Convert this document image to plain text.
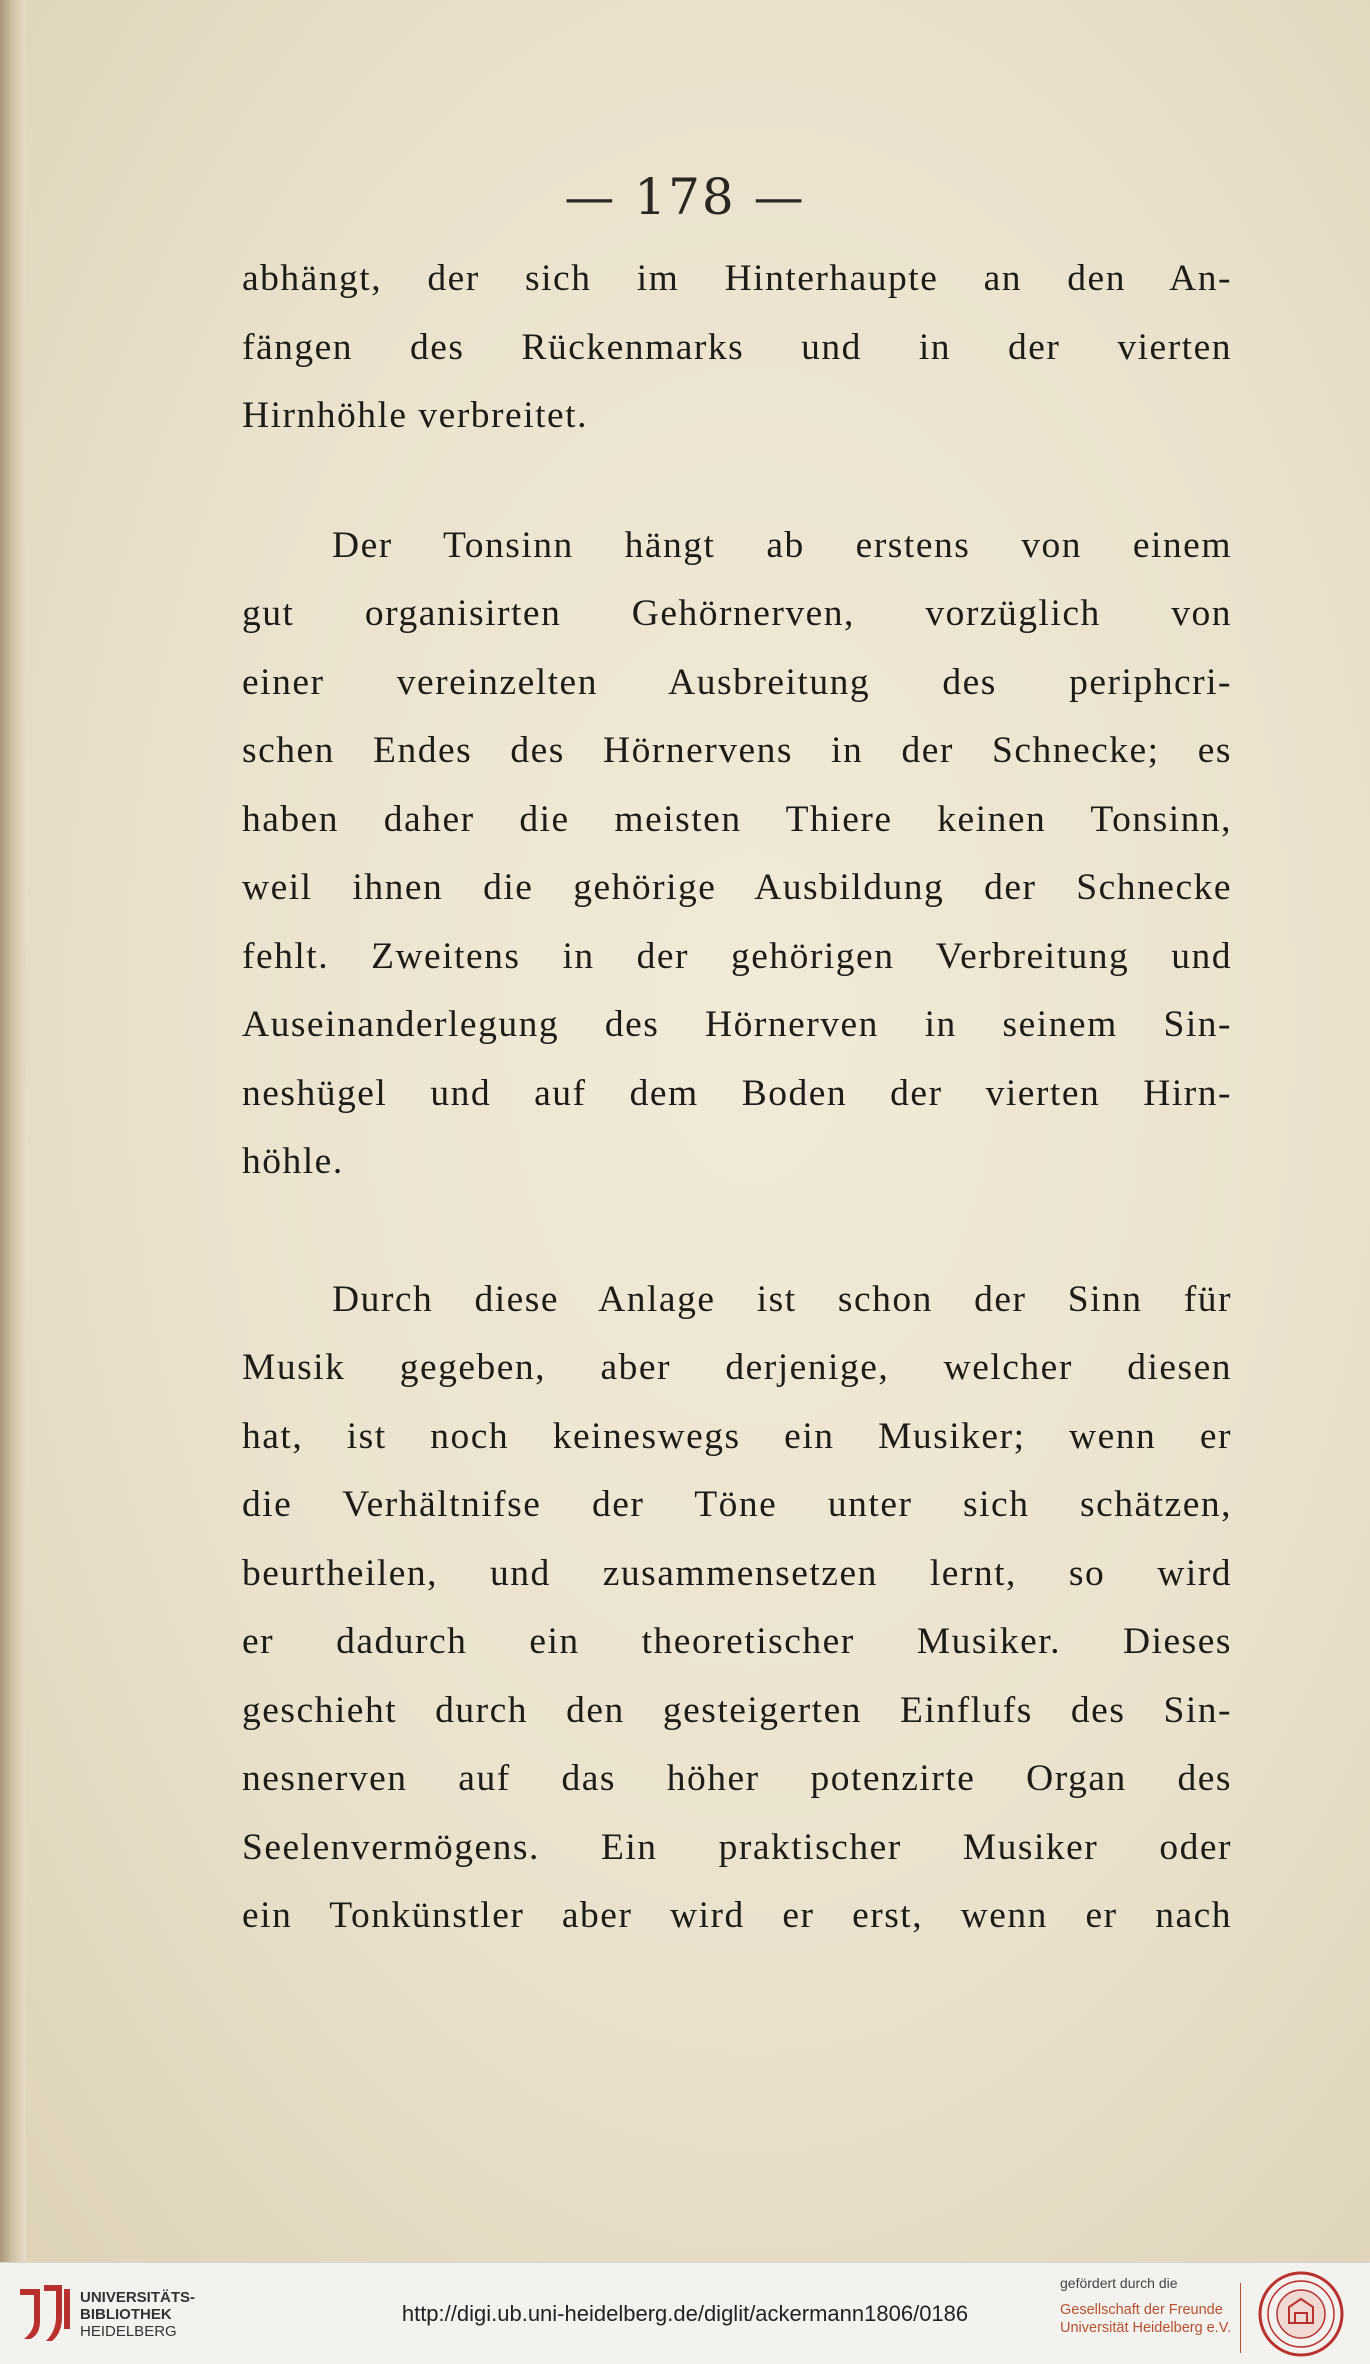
— 178 —
abhängt, der sich im Hinterhaupte an den An-
fängen des Rückenmarks und in der vierten
Hirnhöhle verbreitet.
Der Tonsinn hängt ab erstens von einem
gut organisirten Gehörnerven, vorzüglich von
einer vereinzelten Ausbreitung des periphcri-
schen Endes des Hörnervens in der Schnecke; es
haben daher die meisten Thiere keinen Tonsinn,
weil ihnen die gehörige Ausbildung der Schnecke
fehlt. Zweitens in der gehörigen Verbreitung und
Auseinanderlegung des Hörnerven in seinem Sin-
neshügel und auf dem Boden der vierten Hirn-
höhle.
Durch diese Anlage ist schon der Sinn für
Musik gegeben, aber derjenige, welcher diesen
hat, ist noch keineswegs ein Musiker; wenn er
die Verhältnifse der Töne unter sich schätzen,
beurtheilen, und zusammensetzen lernt, so wird
er dadurch ein theoretischer Musiker. Dieses
geschieht durch den gesteigerten Einflufs des Sin-
nesnerven auf das höher potenzirte Organ des
Seelenvermögens. Ein praktischer Musiker oder
ein Tonkünstler aber wird er erst, wenn er nach
UNIVERSITÄTS-
BIBLIOTHEK
HEIDELBERG
http://digi.ub.uni-heidelberg.de/diglit/ackermann1806/0186
gefördert durch die
Gesellschaft der Freunde
Universität Heidelberg e.V.
